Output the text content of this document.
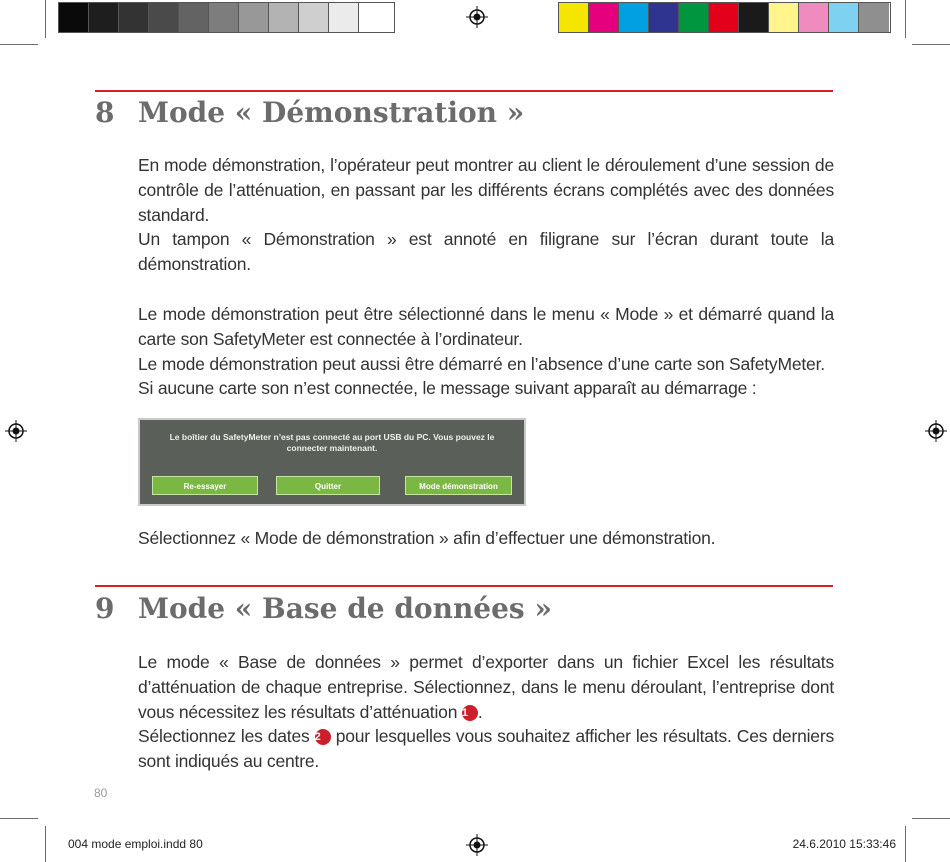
8 Mode « Démonstration »

En mode démonstration, l’opérateur peut montrer au client le déroulement d’une session de contrôle de l’atténuation, en passant par les différents écrans complétés avec des données standard.

Un tampon « Démonstration » est annoté en filigrane sur l’écran durant toute la démonstration.

Le mode démonstration peut être sélectionné dans le menu « Mode » et démarré quand la carte son SafetyMeter est connectée à l’ordinateur.

Le mode démonstration peut aussi être démarré en l’absence d’une carte son SafetyMeter.

Si aucune carte son n’est connectée, le message suivant apparaît au démarrage :

Le boîtier du SafetyMeter n’est pas connecté au port USB du PC. Vous pouvez le connecter maintenant.
Re-essayer	Quitter	Mode démonstration

Sélectionnez « Mode de démonstration » afin d’effectuer une démonstration.

9 Mode « Base de données »

Le mode « Base de données » permet d’exporter dans un fichier Excel les résultats d’atténuation de chaque entreprise. Sélectionnez, dans le menu déroulant, l’entreprise dont vous nécessitez les résultats d’atténuation 1 .

Sélectionnez les dates 2 pour lesquelles vous souhaitez afficher les résultats. Ces derniers sont indiqués au centre.

80
004 mode emploi.indd 80	24.6.2010 15:33:46
